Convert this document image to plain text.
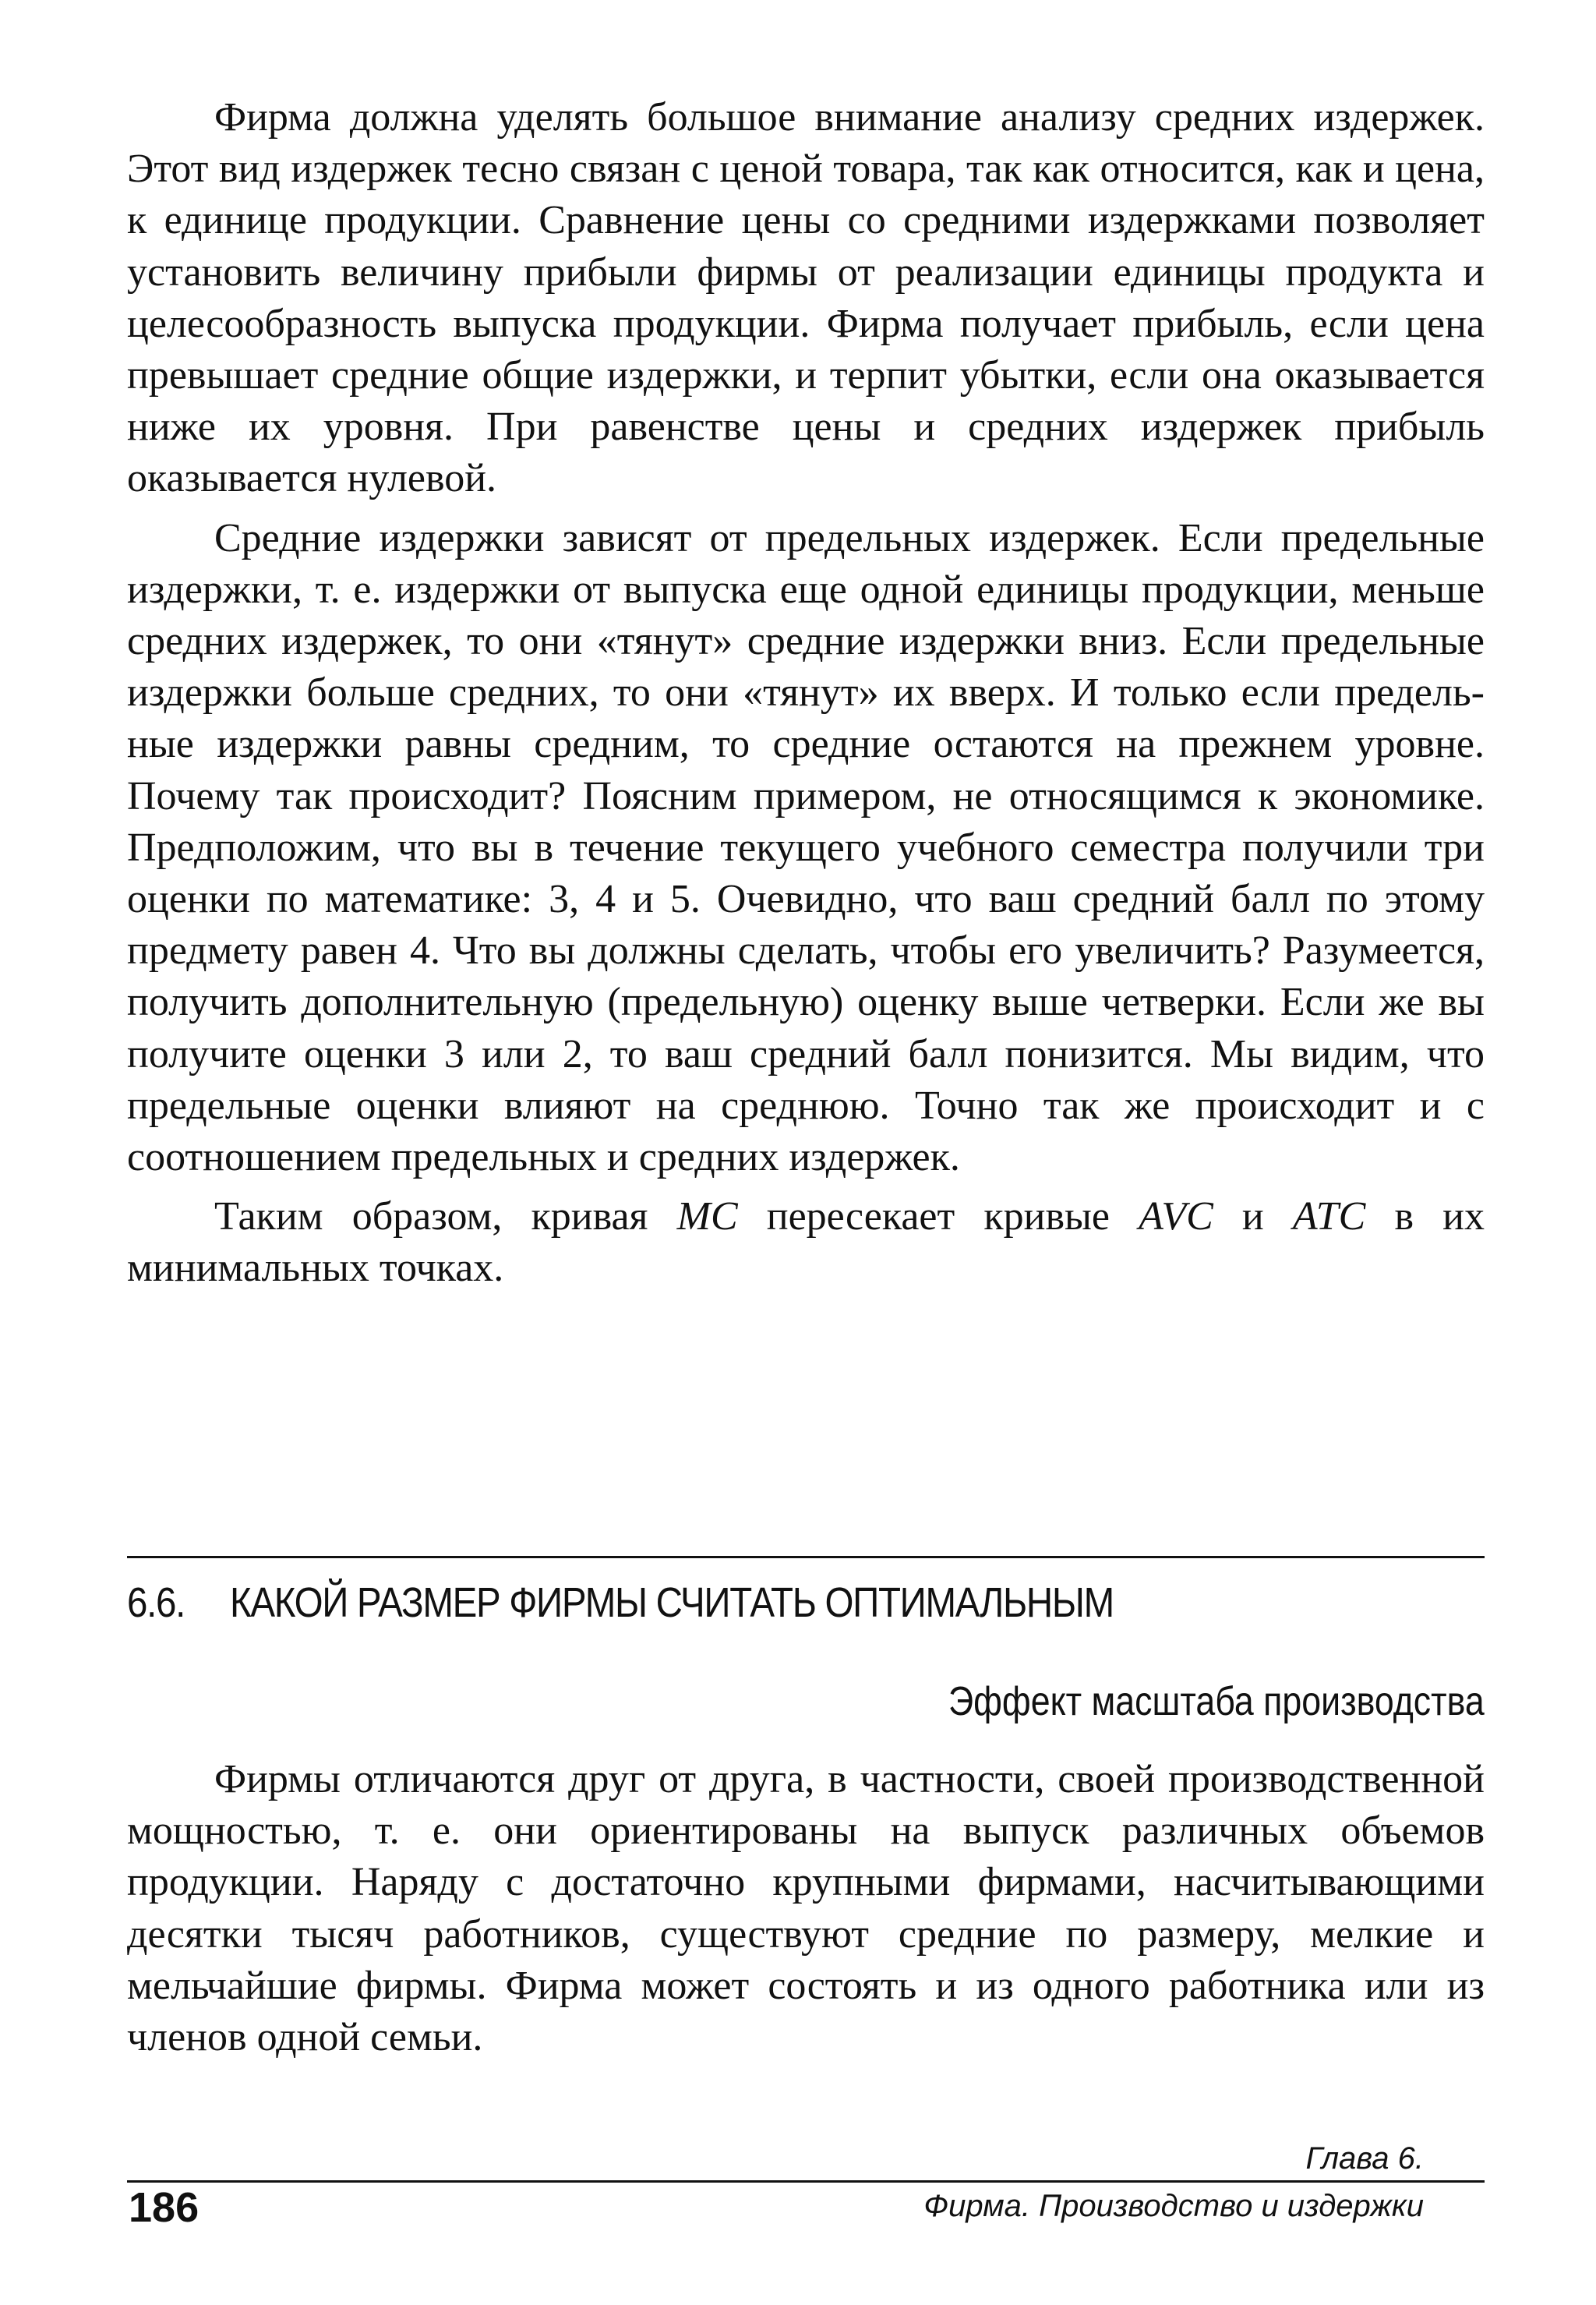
Фирма должна уделять большое внимание анализу средних издержек. Этот вид издержек тесно связан с ценой товара, так как относится, как и цена, к единице продукции. Сравнение цены со средними издержками позволяет установить величину прибыли фирмы от реализации единицы продукта и целесообразность выпуска продукции. Фирма получает прибыль, если цена превышает средние общие издержки, и терпит убытки, если она оказывается ниже их уровня. При равенстве цены и средних издержек прибыль оказывается нулевой.

Средние издержки зависят от предельных издержек. Если предельные издержки, т. е. издержки от выпуска еще одной единицы продукции, меньше средних издержек, то они «тянут» средние издержки вниз. Если предельные издержки больше средних, то они «тянут» их вверх. И только если предельные издержки равны средним, то средние остаются на прежнем уровне. Почему так происходит? Поясним примером, не относящимся к экономике. Предположим, что вы в течение текущего учебного семестра получили три оценки по математике: 3, 4 и 5. Очевидно, что ваш средний балл по этому предмету равен 4. Что вы должны сделать, чтобы его увеличить? Разумеется, получить дополнительную (предельную) оценку выше четверки. Если же вы получите оценки 3 или 2, то ваш средний балл понизится. Мы видим, что предельные оценки влияют на среднюю. Точно так же происходит и с соотношением предельных и средних издержек.

Таким образом, кривая MC пересекает кривые AVC и ATC в их минимальных точках.

6.6. КАКОЙ РАЗМЕР ФИРМЫ СЧИТАТЬ ОПТИМАЛЬНЫМ
Эффект масштаба производства

Фирмы отличаются друг от друга, в частности, своей производственной мощностью, т. е. они ориентированы на выпуск различных объемов продукции. Наряду с достаточно крупными фирмами, насчитывающими десятки тысяч работников, существуют средние по размеру, мелкие и мельчайшие фирмы. Фирма может состоять и из одного работника или из членов одной семьи.

Глава 6.
186	Фирма. Производство и издержки
